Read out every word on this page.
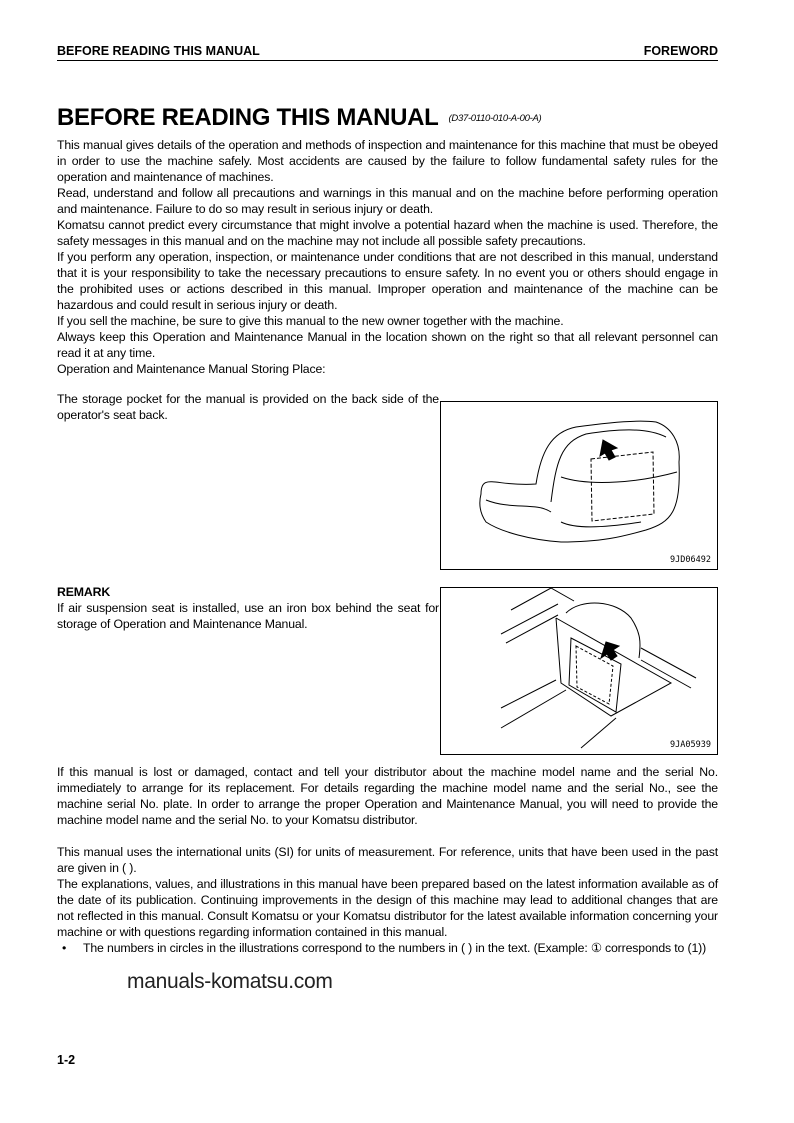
BEFORE READING THIS MANUAL	FOREWORD
BEFORE READING THIS MANUAL (D37-0110-010-A-00-A)

This manual gives details of the operation and methods of inspection and maintenance for this machine that must be obeyed in order to use the machine safely. Most accidents are caused by the failure to follow fundamental safety rules for the operation and maintenance of machines.

Read, understand and follow all precautions and warnings in this manual and on the machine before performing operation and maintenance. Failure to do so may result in serious injury or death.

Komatsu cannot predict every circumstance that might involve a potential hazard when the machine is used. Therefore, the safety messages in this manual and on the machine may not include all possible safety precautions.

If you perform any operation, inspection, or maintenance under conditions that are not described in this manual, understand that it is your responsibility to take the necessary precautions to ensure safety. In no event you or others should engage in the prohibited uses or actions described in this manual. Improper operation and maintenance of the machine can be hazardous and could result in serious injury or death.

If you sell the machine, be sure to give this manual to the new owner together with the machine.

Always keep this Operation and Maintenance Manual in the location shown on the right so that all relevant personnel can read it at any time.

Operation and Maintenance Manual Storing Place:

The storage pocket for the manual is provided on the back side of the operator's seat back.
9JD06492

REMARK

If air suspension seat is installed, use an iron box behind the seat for storage of Operation and Maintenance Manual.

9JA05939
If this manual is lost or damaged, contact and tell your distributor about the machine model name and the serial No. immediately to arrange for its replacement. For details regarding the machine model name and the serial No., see the machine serial No. plate. In order to arrange the proper Operation and Maintenance Manual, you will need to provide the machine model name and the serial No. to your Komatsu distributor.

This manual uses the international units (SI) for units of measurement. For reference, units that have been used in the past are given in ( ).

The explanations, values, and illustrations in this manual have been prepared based on the latest information available as of the date of its publication. Continuing improvements in the design of this machine may lead to additional changes that are not reflected in this manual. Consult Komatsu or your Komatsu distributor for the latest available information concerning your machine or with questions regarding information contained in this manual.

•	The numbers in circles in the illustrations correspond to the numbers in ( ) in the text. (Example: ① corresponds to (1))
manuals-komatsu.com
1-2
